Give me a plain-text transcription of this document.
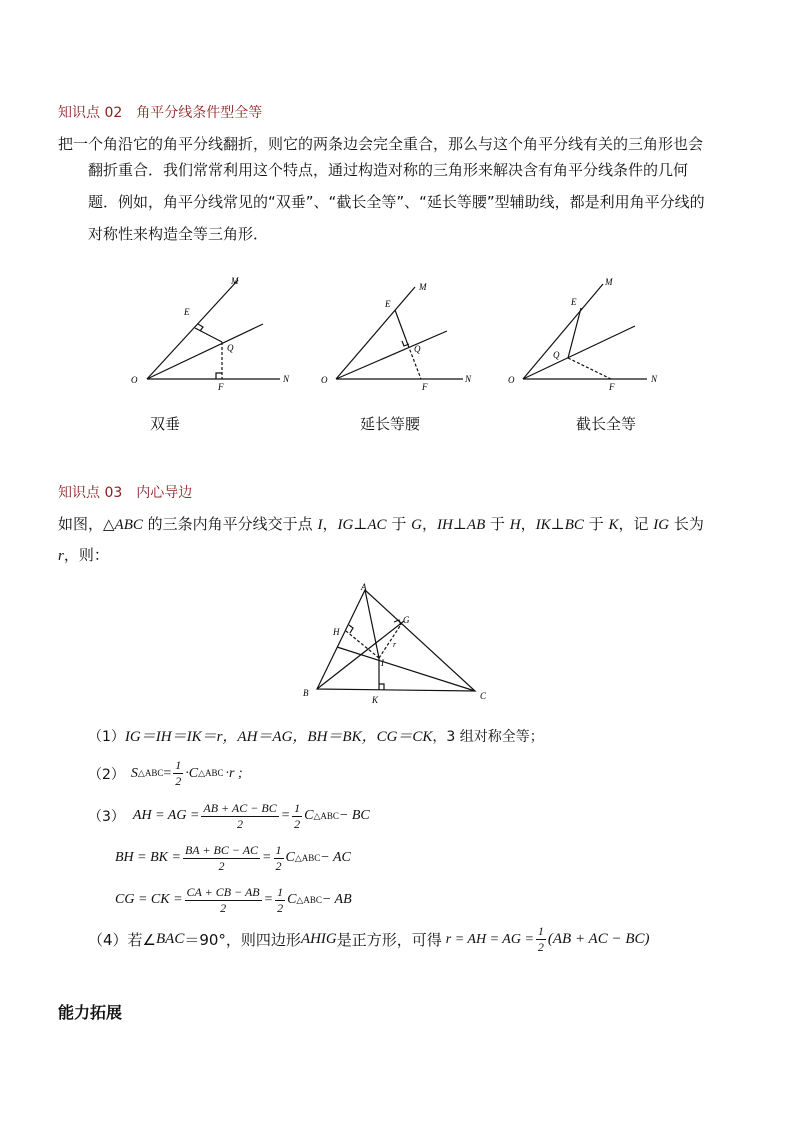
知识点 02 角平分线条件型全等
把一个角沿它的角平分线翻折，则它的两条边会完全重合，那么与这个角平分线有关的三角形也会
翻折重合．我们常常利用这个特点，通过构造对称的三角形来解决含有角平分线条件的几何
题．例如，角平分线常见的“双垂”、“截长全等”、“延长等腰”型辅助线，都是利用角平分线的
对称性来构造全等三角形．
O
E
M
Q
F
N	O
E
M
Q
F
N	O
E
M
Q
F
N
双垂	延长等腰	截长全等
知识点 03 内心导边
如图，△ABC 的三条内角平分线交于点 I，IG⊥AC 于 G，IH⊥AB 于 H，IK⊥BC 于 K，记 IG 长为
r，则：
A
B	C
G
H
I
K
r
（1）IG＝IH＝IK＝r，AH＝AG，BH＝BK，CG＝CK，3 组对称全等；
（2） S △ABC = $\frac{1}{2} \cdot C$ △ABC ·r ;
（3） AH = AG = $\frac{AB + AC - BC}{2} = \frac{1}{2}$ C △ABC − BC
BH = BK = $\frac{BA + BC - AC}{2} = \frac{1}{2}$ C △ABC − AC
CG = CK = $\frac{CA + CB - AB}{2} = \frac{1}{2}$ C △ABC − AB
（4） 若∠ BAC ＝90°，则四边形 AHIG 是正方形，可得 r = AH = AG = $\frac{1}{2} (AB$ + AC − BC)
能力拓展
